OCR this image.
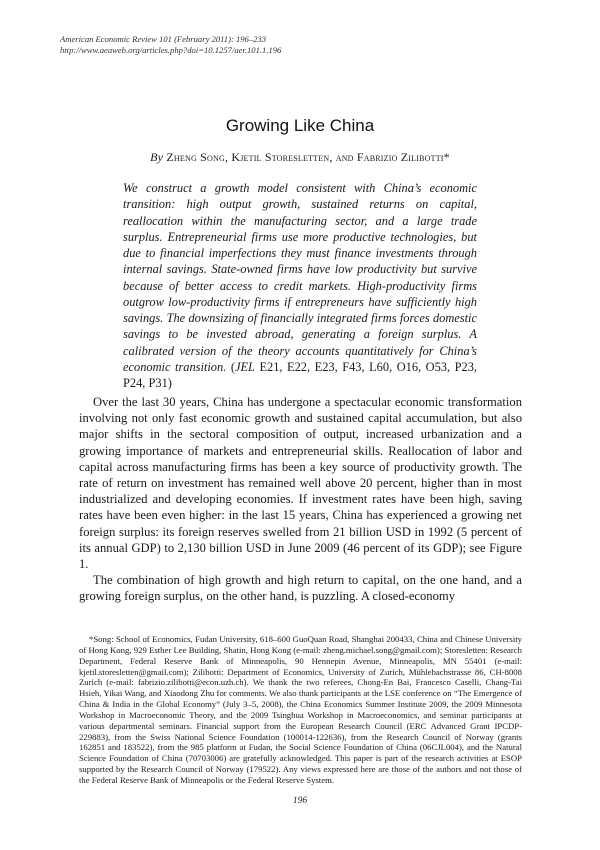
American Economic Review 101 (February 2011): 196–233
http://www.aeaweb.org/articles.php?doi=10.1257/aer.101.1.196
Growing Like China
By Zheng Song, Kjetil Storesletten, and Fabrizio Zilibotti*
We construct a growth model consistent with China’s economic transition: high output growth, sustained returns on capital, reallocation within the manufacturing sector, and a large trade surplus. Entrepreneurial firms use more productive technologies, but due to financial imperfections they must finance investments through internal savings. State-owned firms have low productivity but survive because of better access to credit markets. High-productivity firms outgrow low-productivity firms if entrepreneurs have sufficiently high savings. The downsizing of financially integrated firms forces domestic savings to be invested abroad, generating a foreign surplus. A calibrated version of the theory accounts quantitatively for China’s economic transition. (JEL E21, E22, E23, F43, L60, O16, O53, P23, P24, P31)

Over the last 30 years, China has undergone a spectacular economic transformation involving not only fast economic growth and sustained capital accumulation, but also major shifts in the sectoral composition of output, increased urbanization and a growing importance of markets and entrepreneurial skills. Reallocation of labor and capital across manufacturing firms has been a key source of productivity growth. The rate of return on investment has remained well above 20 percent, higher than in most industrialized and developing economies. If investment rates have been high, saving rates have been even higher: in the last 15 years, China has experienced a growing net foreign surplus: its foreign reserves swelled from 21 billion USD in 1992 (5 percent of its annual GDP) to 2,130 billion USD in June 2009 (46 percent of its GDP); see Figure 1.

The combination of high growth and high return to capital, on the one hand, and a growing foreign surplus, on the other hand, is puzzling. A closed-economy

*Song: School of Economics, Fudan University, 618–600 GuoQuan Road, Shanghai 200433, China and Chinese University of Hong Kong, 929 Esther Lee Building, Shatin, Hong Kong (e-mail: zheng.michael.song@gmail.com); Storesletten: Research Department, Federal Reserve Bank of Minneapolis, 90 Hennepin Avenue, Minneapolis, MN 55401 (e-mail: kjetil.storesletten@gmail.com); Zilibotti: Department of Economics, University of Zurich, Mühlebachstrasse 86, CH-8008 Zurich (e-mail: fabrizio.zilibotti@econ.uzh.ch). We thank the two referees, Chong-En Bai, Francesco Caselli, Chang-Tai Hsieh, Yikai Wang, and Xiaodong Zhu for comments. We also thank participants at the LSE conference on “The Emergence of China & India in the Global Economy” (July 3–5, 2008), the China Economics Summer Institute 2009, the 2009 Minnesota Workshop in Macroeconomic Theory, and the 2009 Tsinghua Workshop in Macroeconomics, and seminar participants at various departmental seminars. Financial support from the European Research Council (ERC Advanced Grant IPCDP-229883), from the Swiss National Science Foundation (100014-122636), from the Research Council of Norway (grants 162851 and 183522), from the 985 platform at Fudan, the Social Science Foundation of China (06CJL004), and the Natural Science Foundation of China (70703006) are gratefully acknowledged. This paper is part of the research activities at ESOP supported by the Research Council of Norway (179522). Any views expressed here are those of the authors and not those of the Federal Reserve Bank of Minneapolis or the Federal Reserve System.

196
